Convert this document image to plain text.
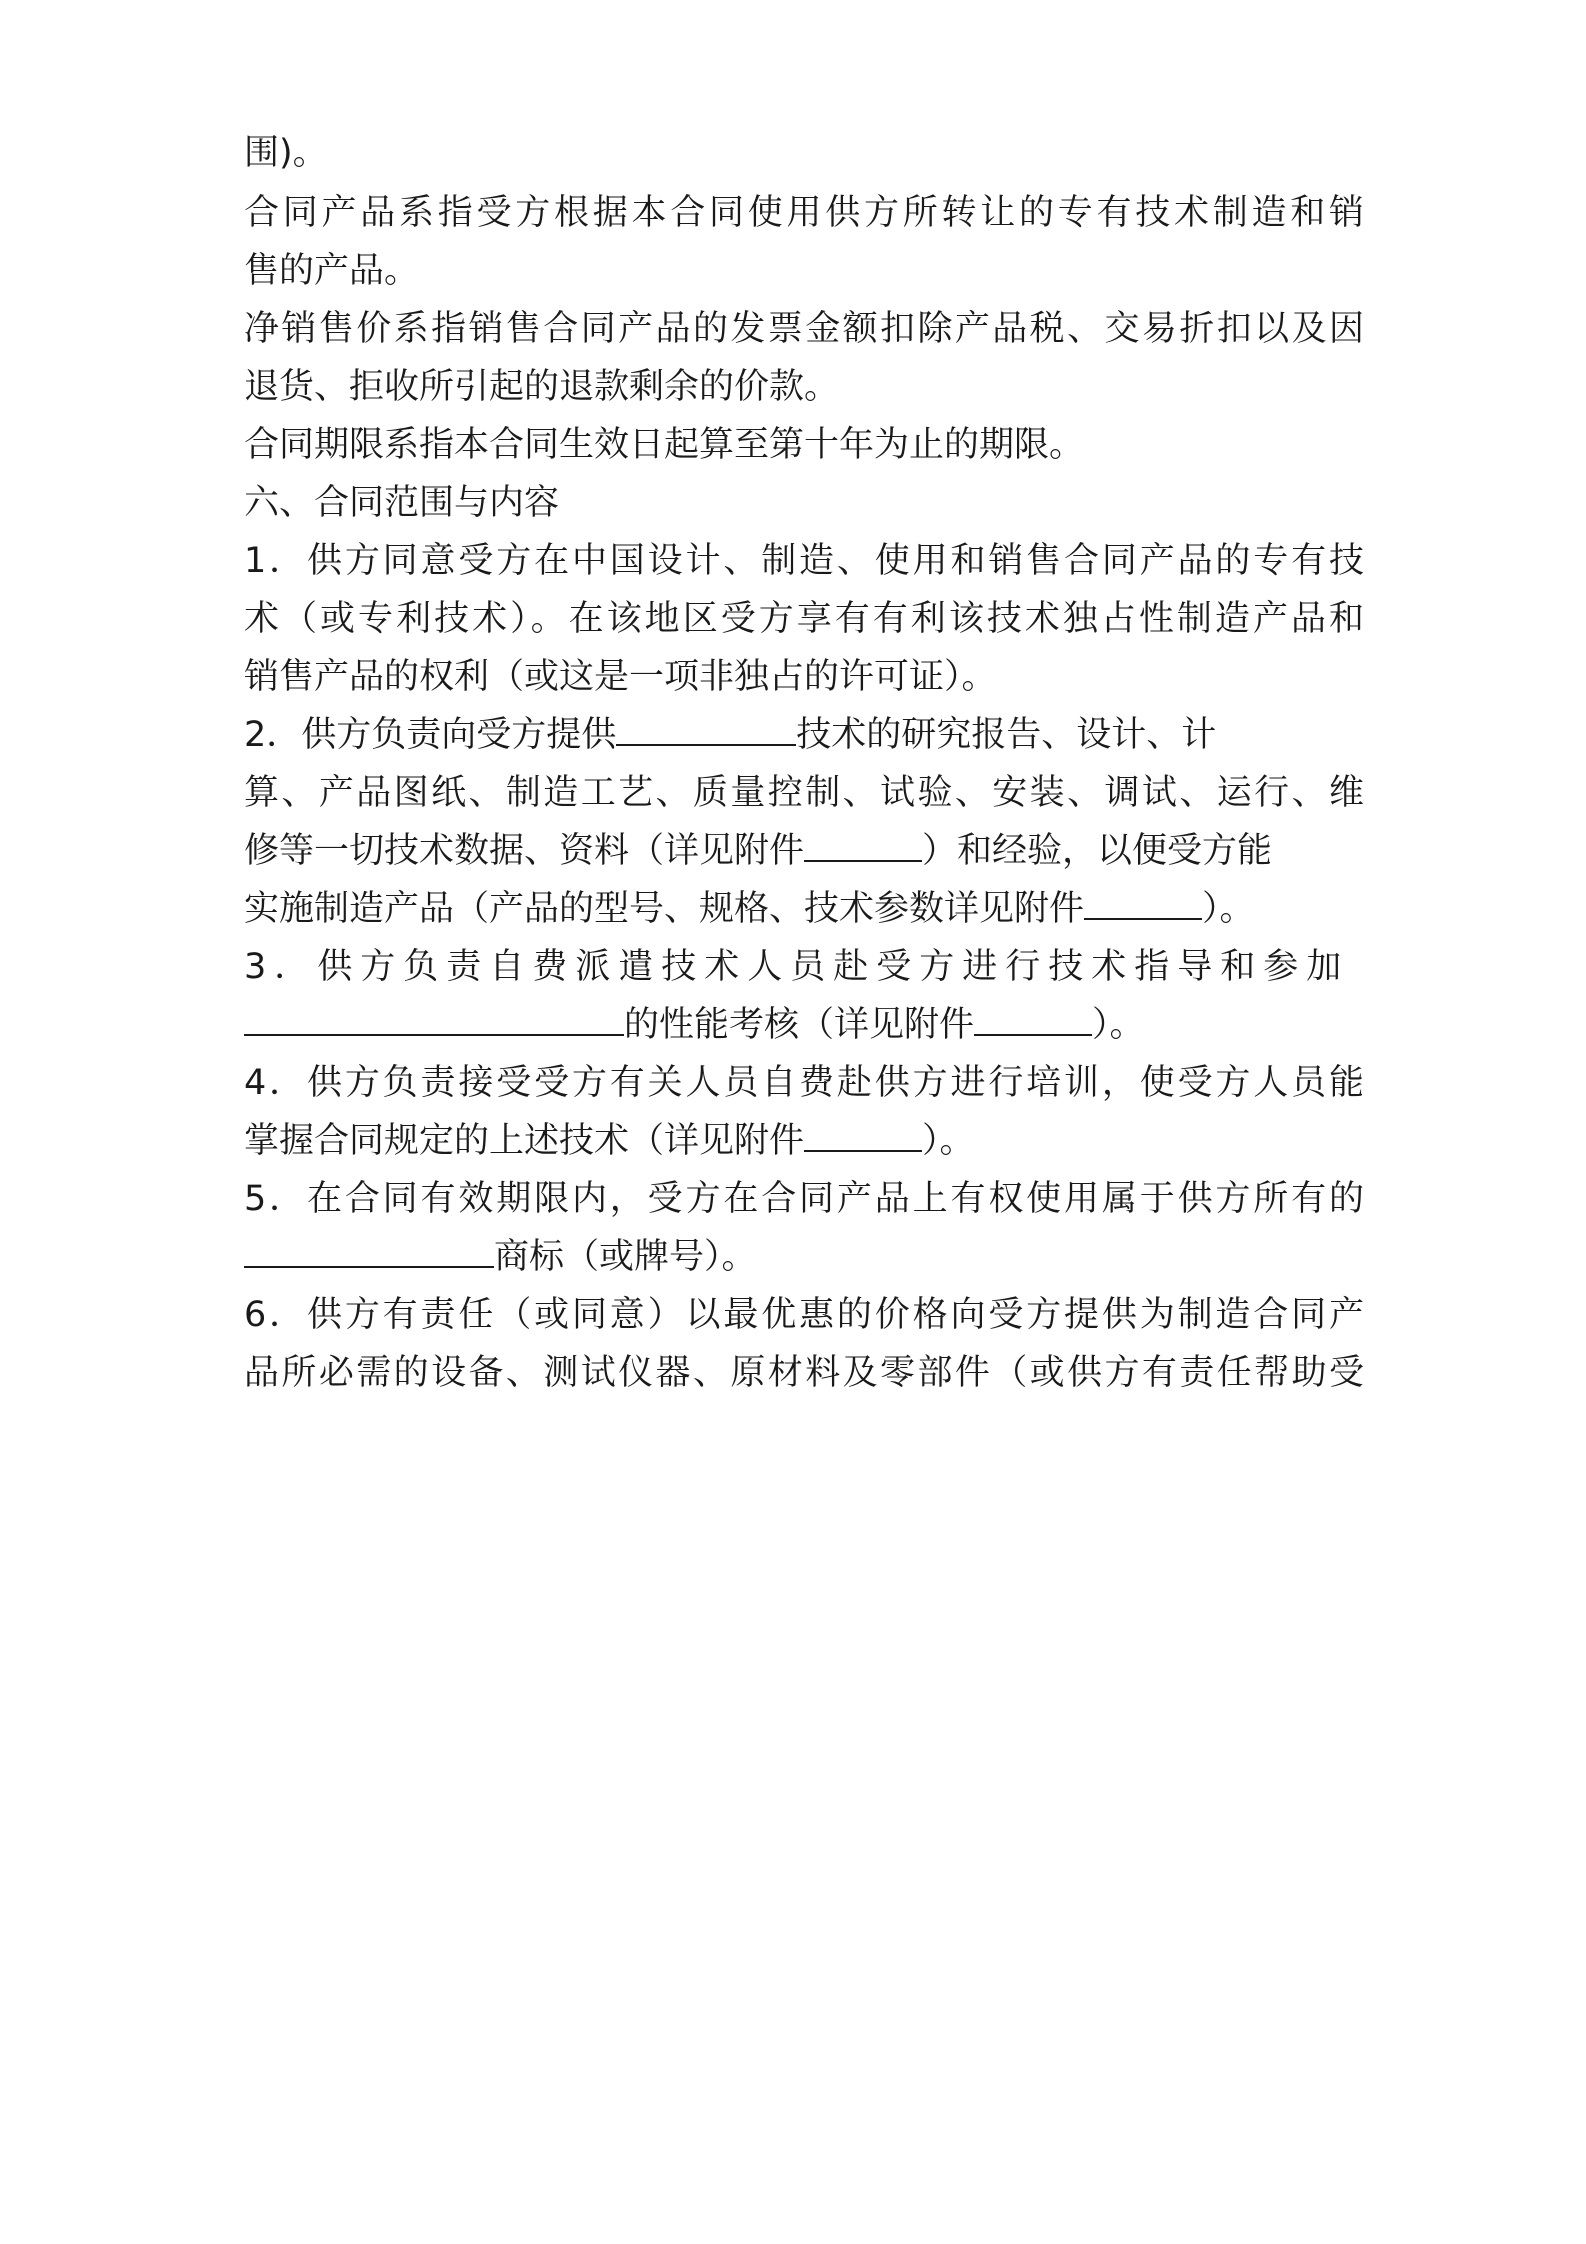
围)。

合同产品系指受方根据本合同使用供方所转让的专有技术制造和销

售的产品。

净销售价系指销售合同产品的发票金额扣除产品税、交易折扣以及因

退货、拒收所引起的退款剩余的价款。

合同期限系指本合同生效日起算至第十年为止的期限。

六、合同范围与内容

1．供方同意受方在中国设计、制造、使用和销售合同产品的专有技

术（或专利技术）。在该地区受方享有有利该技术独占性制造产品和

销售产品的权利（或这是一项非独占的许可证）。

2．供方负责向受方提供	技术的研究报告、设计、计

算、产品图纸、制造工艺、质量控制、试验、安装、调试、运行、维

修等一切技术数据、资料（详见附件	）和经验，以便受方能

实施制造产品（产品的型号、规格、技术参数详见附件	）。

3．供方负责自费派遣技术人员赴受方进行技术指导和参加

的性能考核（详见附件	）。

4．供方负责接受受方有关人员自费赴供方进行培训，使受方人员能

掌握合同规定的上述技术（详见附件	）。

5．在合同有效期限内，受方在合同产品上有权使用属于供方所有的

商标（或牌号）。

6．供方有责任（或同意）以最优惠的价格向受方提供为制造合同产

品所必需的设备、测试仪器、原材料及零部件（或供方有责任帮助受
